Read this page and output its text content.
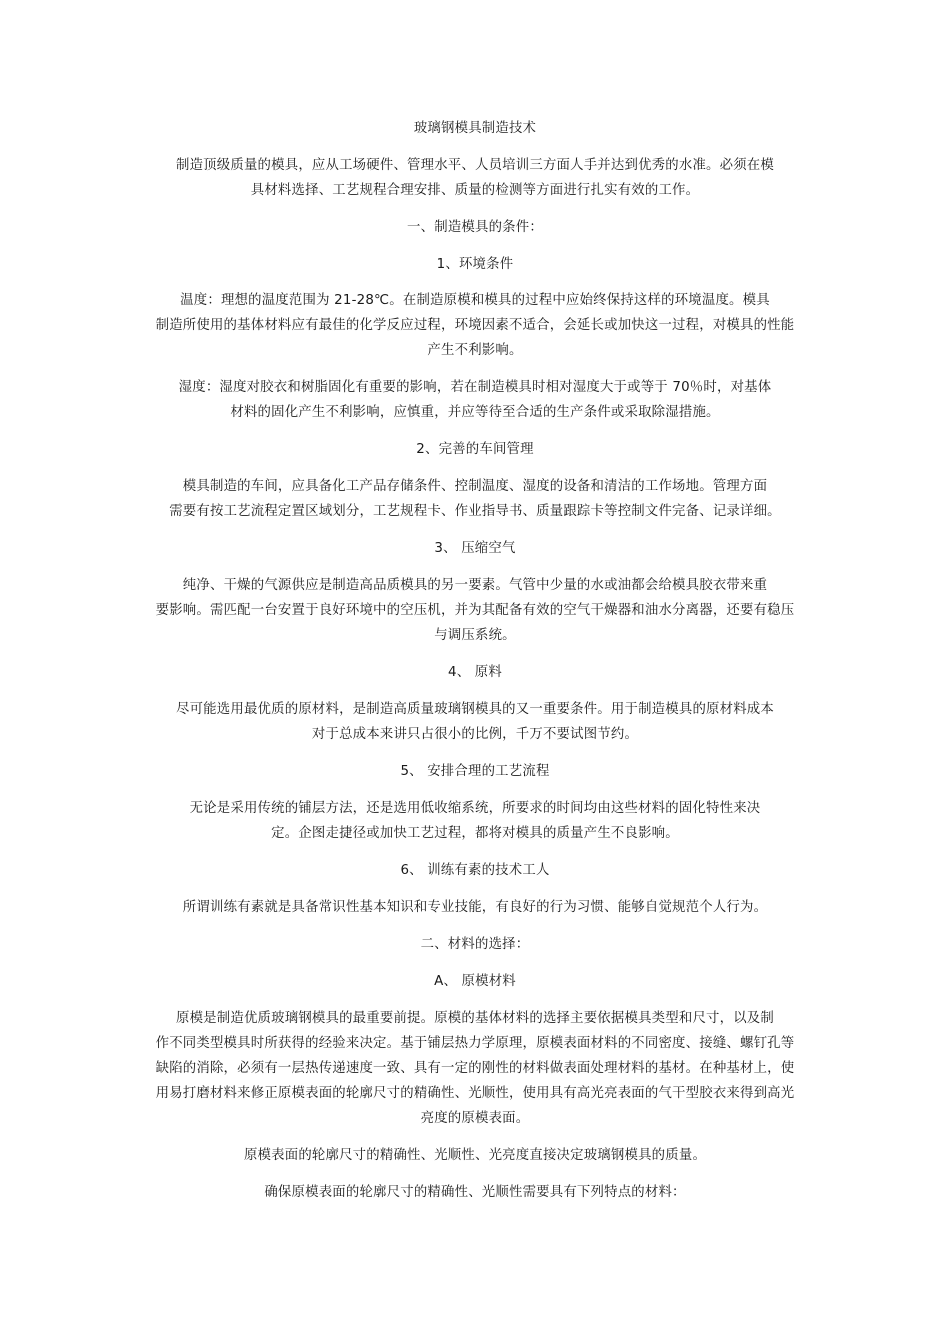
玻璃钢模具制造技术
制造顶级质量的模具，应从工场硬件、管理水平、人员培训三方面人手并达到优秀的水准。必须在模
具材料选择、工艺规程合理安排、质量的检测等方面进行扎实有效的工作。
一、制造模具的条件：
1、环境条件
温度：理想的温度范围为 21-28℃。在制造原模和模具的过程中应始终保持这样的环境温度。模具
制造所使用的基体材料应有最佳的化学反应过程，环境因素不适合，会延长或加快这一过程，对模具的性能
产生不利影响。
湿度：湿度对胶衣和树脂固化有重要的影响，若在制造模具时相对湿度大于或等于 70％时，对基体
材料的固化产生不利影响，应慎重，并应等待至合适的生产条件或采取除湿措施。
2、完善的车间管理
模具制造的车间，应具备化工产品存储条件、控制温度、湿度的设备和清洁的工作场地。管理方面
需要有按工艺流程定置区域划分，工艺规程卡、作业指导书、质量跟踪卡等控制文件完备、记录详细。
3、 压缩空气
纯净、干燥的气源供应是制造高品质模具的另一要素。气管中少量的水或油都会给模具胶衣带来重
要影响。需匹配一台安置于良好环境中的空压机，并为其配备有效的空气干燥器和油水分离器，还要有稳压
与调压系统。
4、 原料
尽可能选用最优质的原材料，是制造高质量玻璃钢模具的又一重要条件。用于制造模具的原材料成本
对于总成本来讲只占很小的比例，千万不要试图节约。
5、 安排合理的工艺流程
无论是采用传统的铺层方法，还是选用低收缩系统，所要求的时间均由这些材料的固化特性来决
定。企图走捷径或加快工艺过程，都将对模具的质量产生不良影响。
6、 训练有素的技术工人
所谓训练有素就是具备常识性基本知识和专业技能，有良好的行为习惯、能够自觉规范个人行为。
二、材料的选择：
A、 原模材料
原模是制造优质玻璃钢模具的最重要前提。原模的基体材料的选择主要依据模具类型和尺寸，以及制
作不同类型模具时所获得的经验来决定。基于铺层热力学原理，原模表面材料的不同密度、接缝、螺钉孔等
缺陷的消除，必须有一层热传递速度一致、具有一定的刚性的材料做表面处理材料的基材。在种基材上，使
用易打磨材料来修正原模表面的轮廓尺寸的精确性、光顺性，使用具有高光亮表面的气干型胶衣来得到高光
亮度的原模表面。
原模表面的轮廓尺寸的精确性、光顺性、光亮度直接决定玻璃钢模具的质量。
确保原模表面的轮廓尺寸的精确性、光顺性需要具有下列特点的材料：
